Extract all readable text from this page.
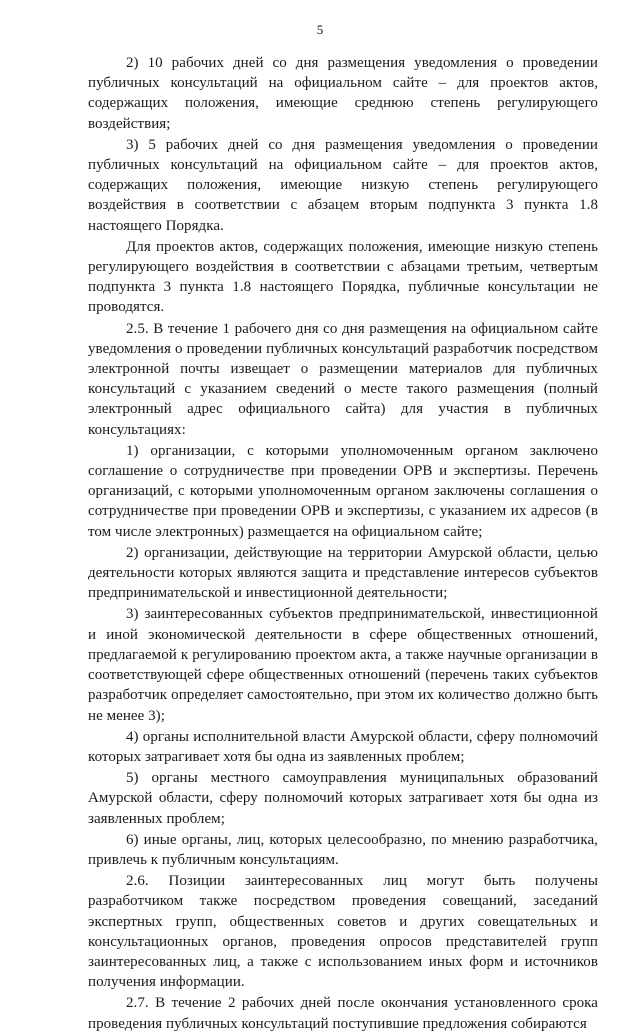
5

2) 10 рабочих дней со дня размещения уведомления о проведении публичных консультаций на официальном сайте – для проектов актов, содержащих положения, имеющие среднюю степень регулирующего воздействия;

3) 5 рабочих дней со дня размещения уведомления о проведении публичных консультаций на официальном сайте – для проектов актов, содержащих положения, имеющие низкую степень регулирующего воздействия в соответствии с абзацем вторым подпункта 3 пункта 1.8 настоящего Порядка.

Для проектов актов, содержащих положения, имеющие низкую степень регулирующего воздействия в соответствии с абзацами третьим, четвертым подпункта 3 пункта 1.8 настоящего Порядка, публичные консультации не проводятся.

2.5. В течение 1 рабочего дня со дня размещения на официальном сайте уведомления о проведении публичных консультаций разработчик посредством электронной почты извещает о размещении материалов для публичных консультаций с указанием сведений о месте такого размещения (полный электронный адрес официального сайта) для участия в публичных консультациях:

1) организации, с которыми уполномоченным органом заключено соглашение о сотрудничестве при проведении ОРВ и экспертизы. Перечень организаций, с которыми уполномоченным органом заключены соглашения о сотрудничестве при проведении ОРВ и экспертизы, с указанием их адресов (в том числе электронных) размещается на официальном сайте;

2) организации, действующие на территории Амурской области, целью деятельности которых являются защита и представление интересов субъектов предпринимательской и инвестиционной деятельности;

3) заинтересованных субъектов предпринимательской, инвестиционной и иной экономической деятельности в сфере общественных отношений, предлагаемой к регулированию проектом акта, а также научные организации в соответствующей сфере общественных отношений (перечень таких субъектов разработчик определяет самостоятельно, при этом их количество должно быть не менее 3);

4) органы исполнительной власти Амурской области, сферу полномочий которых затрагивает хотя бы одна из заявленных проблем;

5) органы местного самоуправления муниципальных образований Амурской области, сферу полномочий которых затрагивает хотя бы одна из заявленных проблем;

6) иные органы, лиц, которых целесообразно, по мнению разработчика, привлечь к публичным консультациям.

2.6. Позиции заинтересованных лиц могут быть получены разработчиком также посредством проведения совещаний, заседаний экспертных групп, общественных советов и других совещательных и консультационных органов, проведения опросов представителей групп заинтересованных лиц, а также с использованием иных форм и источников получения информации.

2.7. В течение 2 рабочих дней после окончания установленного срока проведения публичных консультаций поступившие предложения собираются
